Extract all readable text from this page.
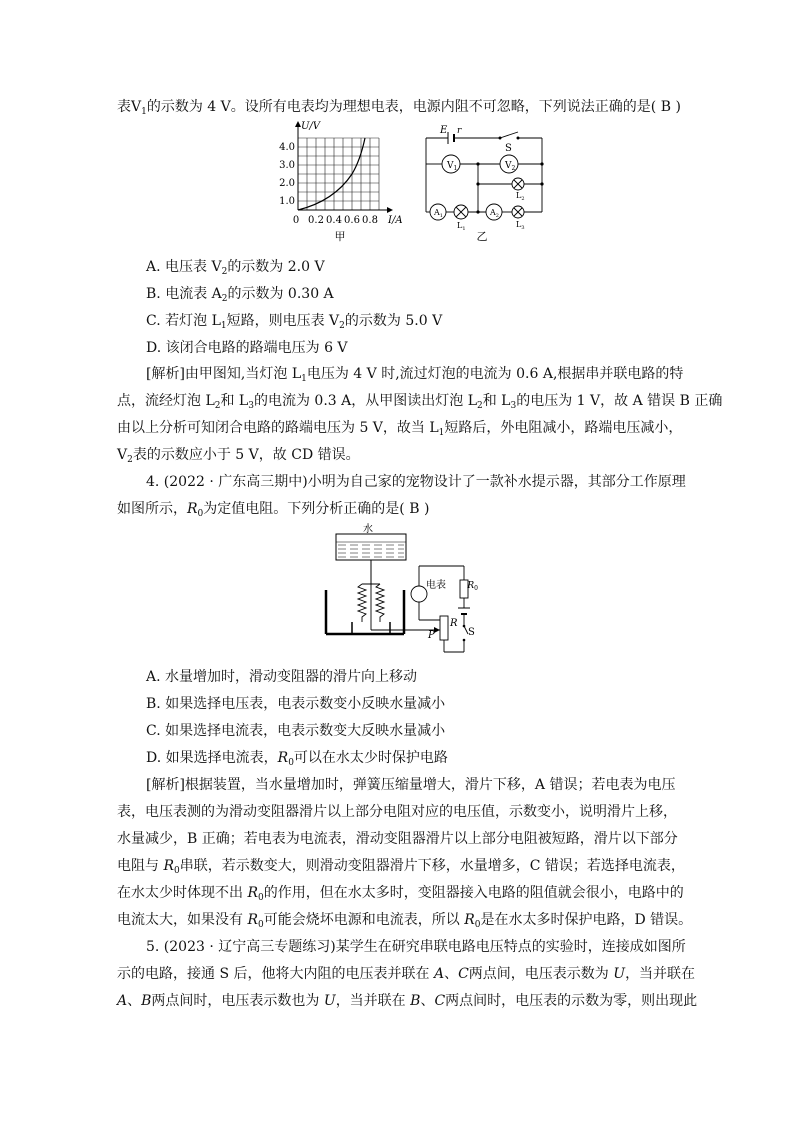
表$V_1$的示数为 4 V。设所有电表均为理想电表，电源内阻不可忽略，下列说法正确的是( B )
U/V
I/A
4.0
3.0
2.0
1.0
0 0.2 0.4 0.6 0.8
甲
E r
S
$V_1$	$V_2$
$A_1$	$A_2$
$L_1$
$L_2$
$L_3$
乙
A. 电压表 $V_2$的示数为 2.0 V
B. 电流表 $A_2$的示数为 0.30 A
C. 若灯泡 $L_1$短路，则电压表 $V_2$的示数为 5.0 V
D. 该闭合电路的路端电压为 6 V
[解析]由甲图知,当灯泡 $L_1$电压为 4 V 时,流过灯泡的电流为 0.6 A,根据串并联电路的特
点，流经灯泡 $L_2$和 $L_3$的电流为 0.3 A，从甲图读出灯泡 $L_2$和 $L_3$的电压为 1 V，故 A 错误 B 正确
由以上分析可知闭合电路的路端电压为 5 V，故当 $L_1$短路后，外电阻减小，路端电压减小，
$V_2$表的示数应小于 5 V，故 CD 错误。
4. (2022 · 广东高三期中)小明为自己家的宠物设计了一款补水提示器，其部分工作原理
如图所示，$R_0$为定值电阻。下列分析正确的是( B )
水
电表 $R_0$
R
P	S
A. 水量增加时，滑动变阻器的滑片向上移动
B. 如果选择电压表，电表示数变小反映水量减小
C. 如果选择电流表，电表示数变大反映水量减小
D. 如果选择电流表，$R_0$可以在水太少时保护电路
[解析]根据装置，当水量增加时，弹簧压缩量增大，滑片下移，A 错误；若电表为电压
表，电压表测的为滑动变阻器滑片以上部分电阻对应的电压值，示数变小，说明滑片上移，
水量减少，B 正确；若电表为电流表，滑动变阻器滑片以上部分电阻被短路，滑片以下部分
电阻与 $R_0$串联，若示数变大，则滑动变阻器滑片下移，水量增多，C 错误；若选择电流表，
在水太少时体现不出 $R_0$的作用，但在水太多时，变阻器接入电路的阻值就会很小，电路中的
电流太大，如果没有 $R_0$可能会烧坏电源和电流表，所以 $R_0$是在水太多时保护电路，D 错误。
5. (2023 · 辽宁高三专题练习)某学生在研究串联电路电压特点的实验时，连接成如图所
示的电路，接通 S 后，他将大内阻的电压表并联在 A、C两点间，电压表示数为 U，当并联在
A、B两点间时，电压表示数也为 U，当并联在 B、C两点间时，电压表的示数为零，则出现此
